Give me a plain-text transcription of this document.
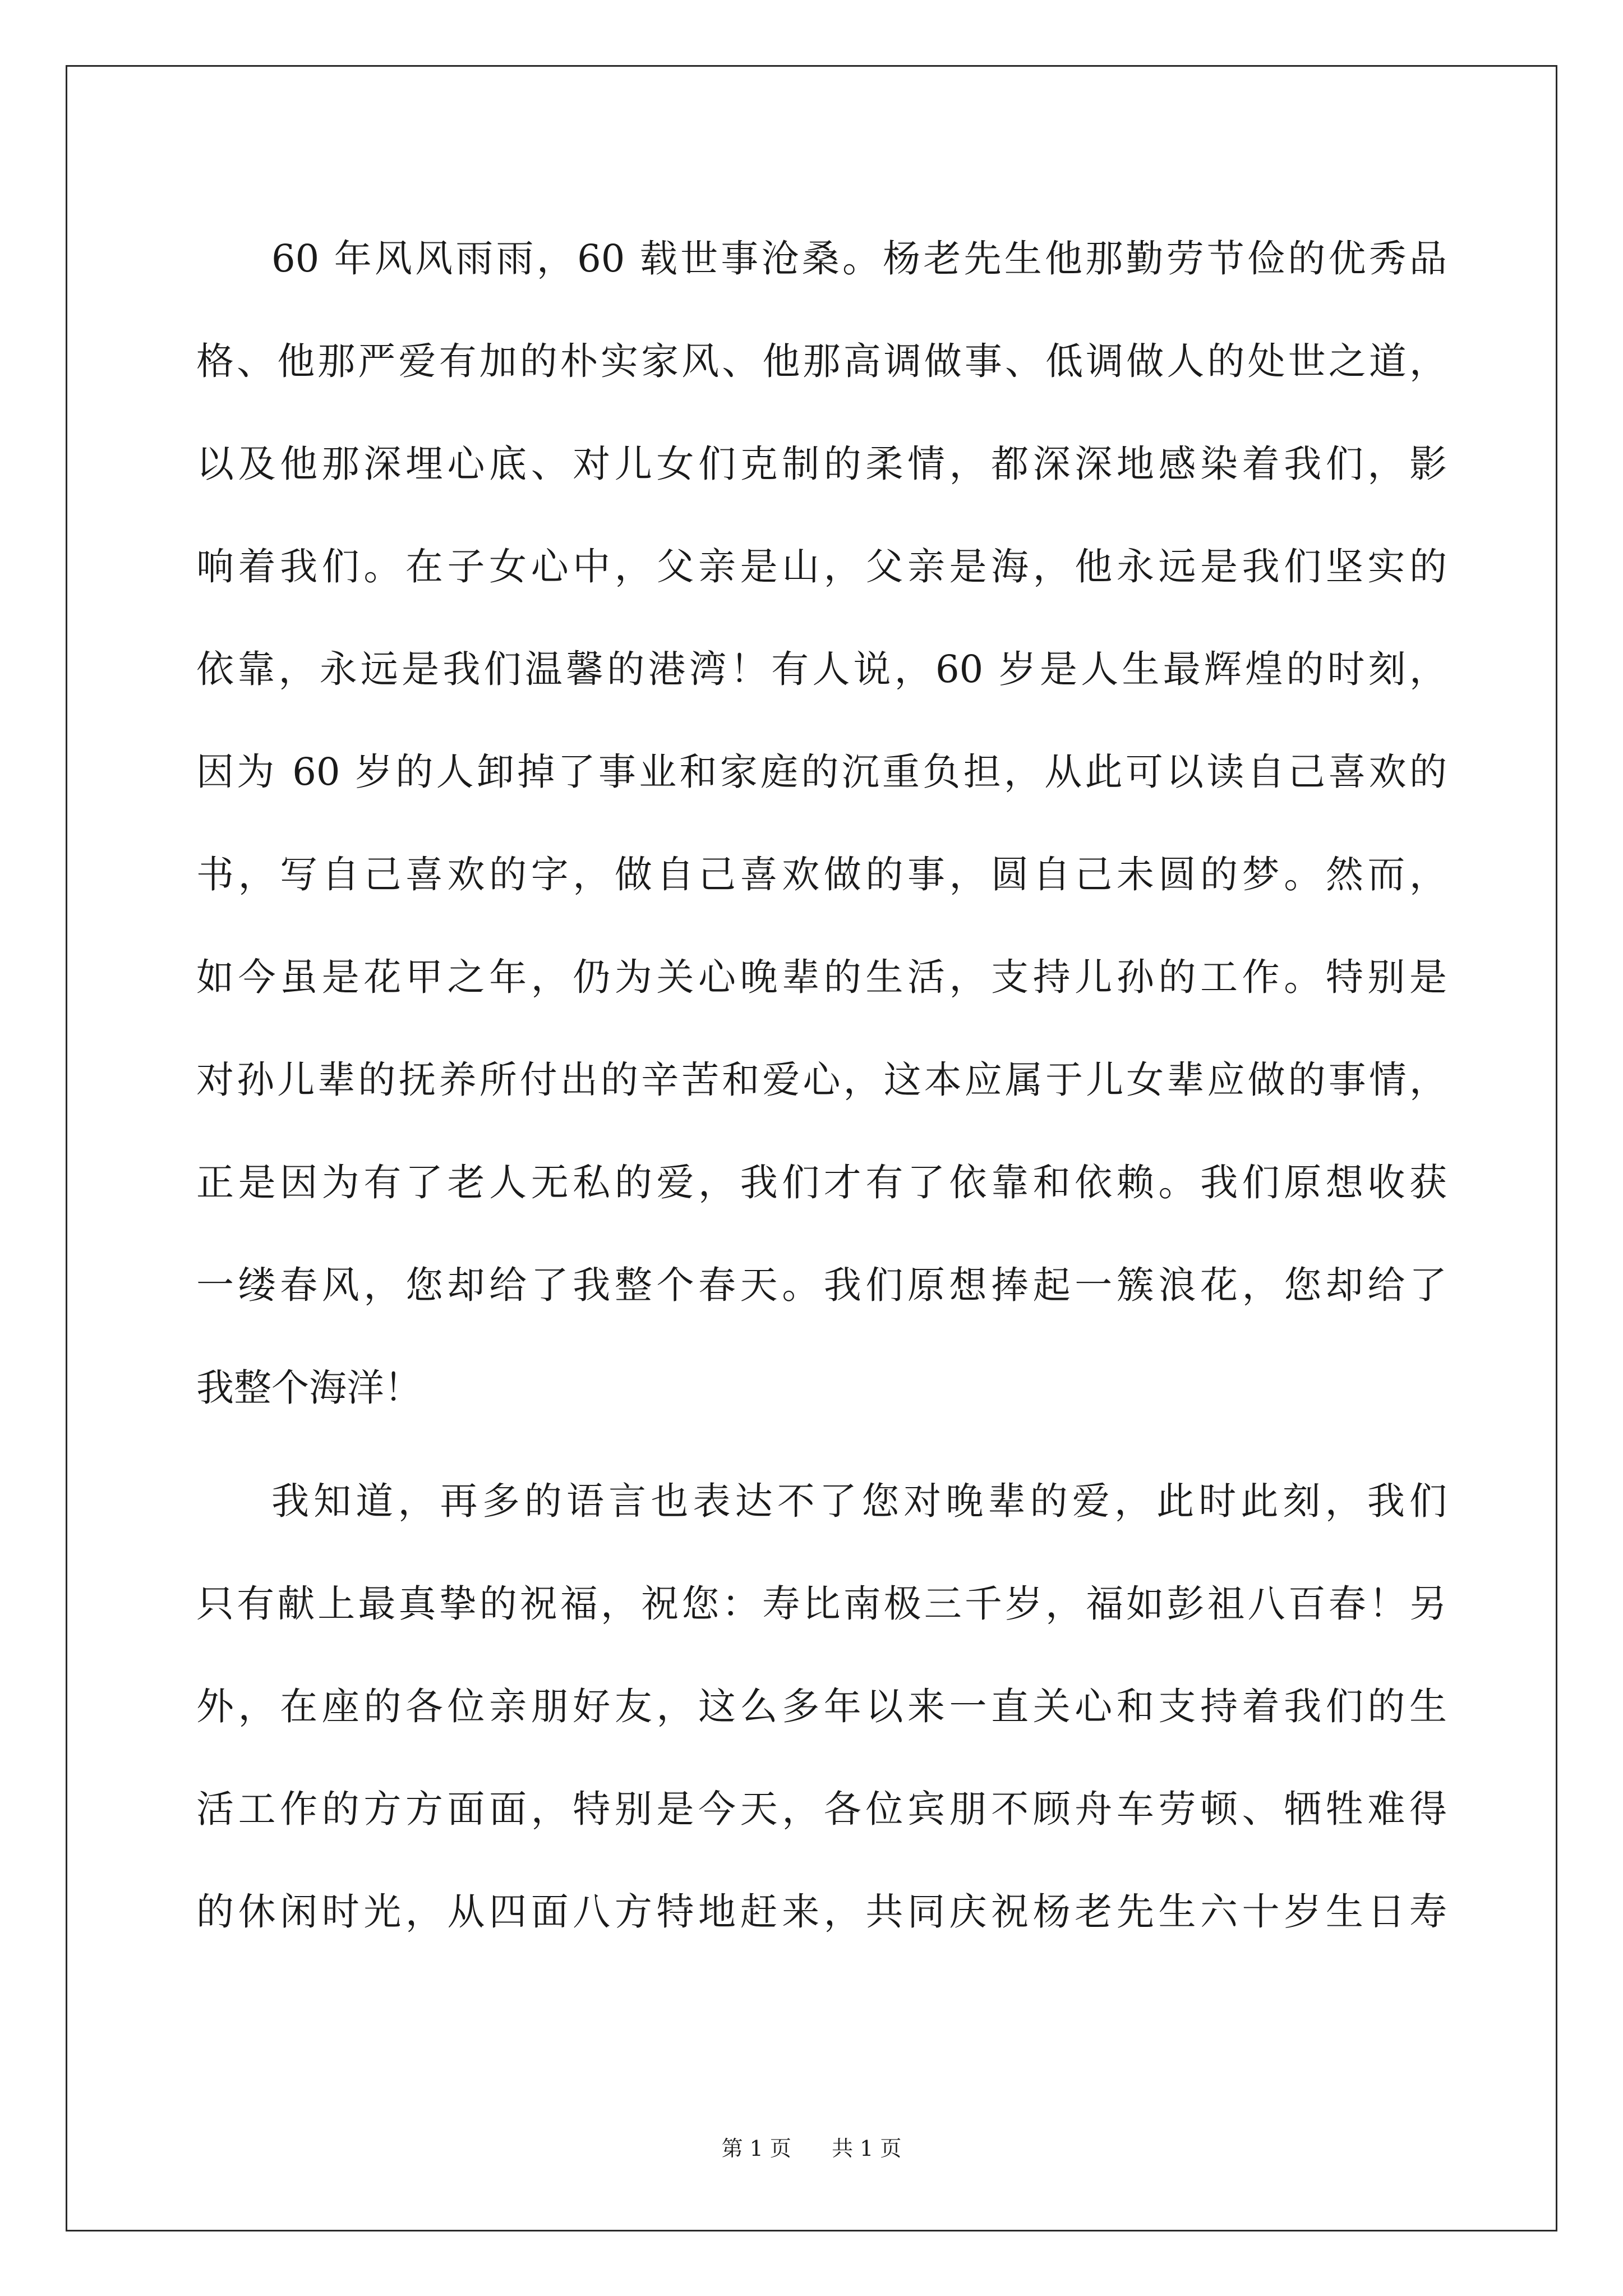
60 年风风雨雨，60 载世事沧桑。杨老先生他那勤劳节俭的优秀品
格、他那严爱有加的朴实家风、他那高调做事、低调做人的处世之道，
以及他那深埋心底、对儿女们克制的柔情，都深深地感染着我们，影
响着我们。在子女心中，父亲是山，父亲是海，他永远是我们坚实的
依靠，永远是我们温馨的港湾！有人说，60 岁是人生最辉煌的时刻，
因为 60 岁的人卸掉了事业和家庭的沉重负担，从此可以读自己喜欢的
书，写自己喜欢的字，做自己喜欢做的事，圆自己未圆的梦。然而，
如今虽是花甲之年，仍为关心晚辈的生活，支持儿孙的工作。特别是
对孙儿辈的抚养所付出的辛苦和爱心，这本应属于儿女辈应做的事情，
正是因为有了老人无私的爱，我们才有了依靠和依赖。我们原想收获
一缕春风，您却给了我整个春天。我们原想捧起一簇浪花，您却给了
我整个海洋！
我知道，再多的语言也表达不了您对晚辈的爱，此时此刻，我们
只有献上最真挚的祝福，祝您：寿比南极三千岁，福如彭祖八百春！另
外，在座的各位亲朋好友，这么多年以来一直关心和支持着我们的生
活工作的方方面面，特别是今天，各位宾朋不顾舟车劳顿、牺牲难得
的休闲时光，从四面八方特地赶来，共同庆祝杨老先生六十岁生日寿
第 1 页 共 1 页
